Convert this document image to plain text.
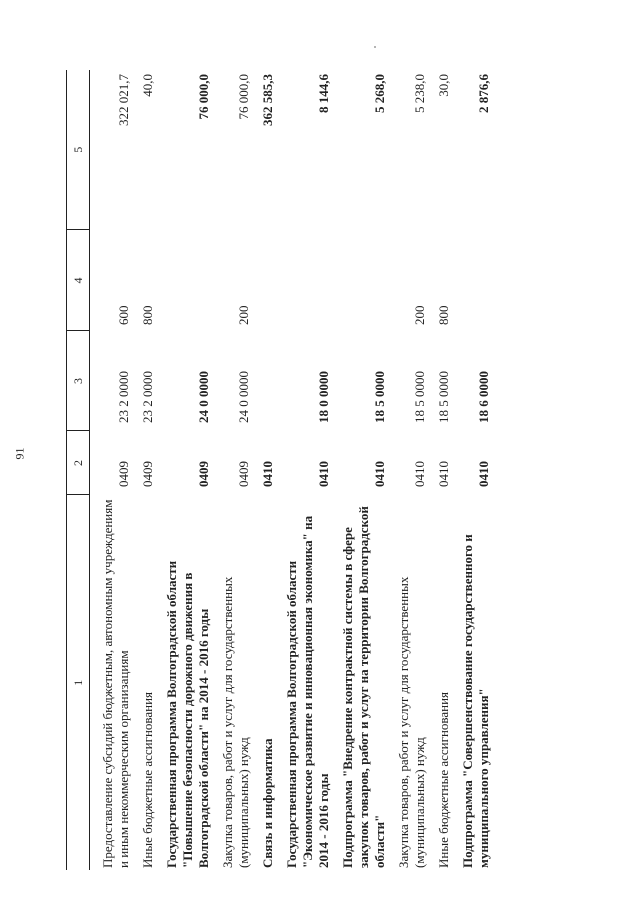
91
1	2	3	4	5
Предоставление субсидий бюджетным, автономным учреждениям и иным некоммерческим организациям	0409	23 2 0000	600	322 021,7
Иные бюджетные ассигнования	0409	23 2 0000	800	40,0
Государственная программа Волгоградской области "Повышение безопасности дорожного движения в Волгоградской области" на 2014 - 2016 годы	0409	24 0 0000		76 000,0
Закупка товаров, работ и услуг для государственных (муниципальных) нужд	0409	24 0 0000	200	76 000,0
Связь и информатика	0410			362 585,3
Государственная программа Волгоградской области "Экономическое развитие и инновационная экономика" на 2014 - 2016 годы	0410	18 0 0000		8 144,6
Подпрограмма "Внедрение контрактной системы в сфере закупок товаров, работ и услуг на территории Волгоградской области"	0410	18 5 0000		5 268,0
Закупка товаров, работ и услуг для государственных (муниципальных) нужд	0410	18 5 0000	200	5 238,0
Иные бюджетные ассигнования	0410	18 5 0000	800	30,0
Подпрограмма "Совершенствование государственного и муниципального управления"	0410	18 6 0000		2 876,6
